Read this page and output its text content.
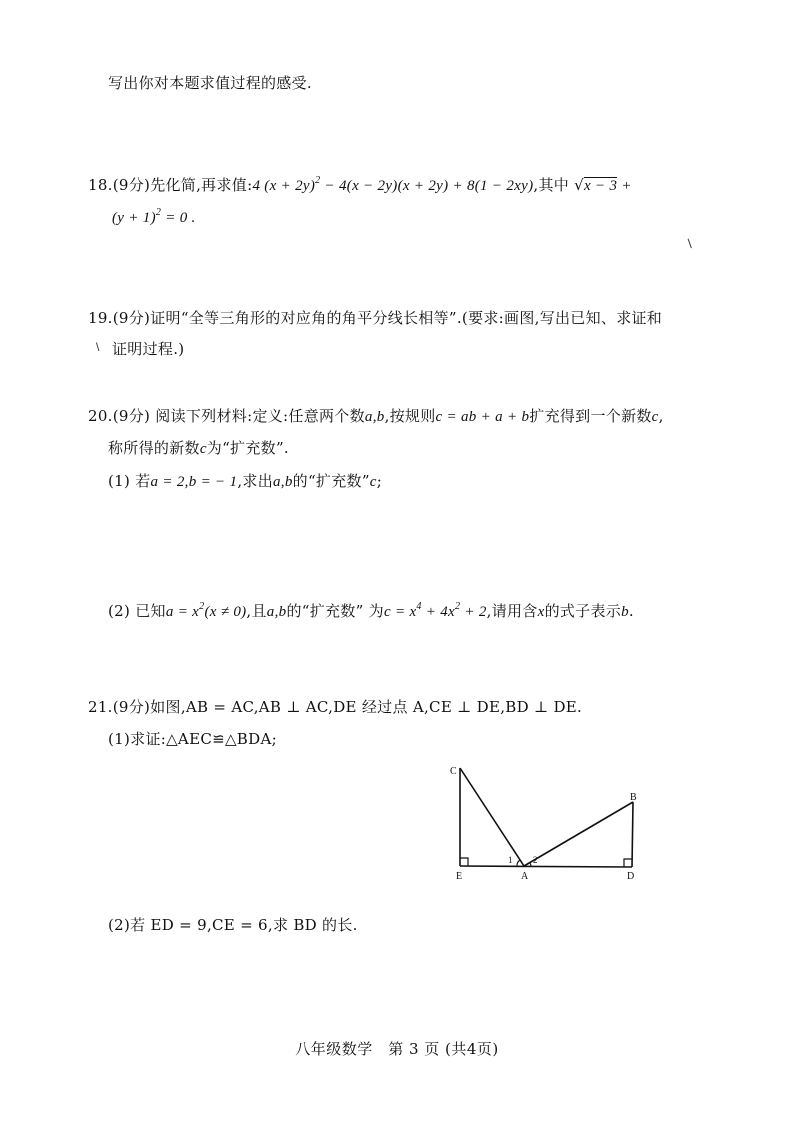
写出你对本题求值过程的感受.
18.(9分)先化简,再求值:4 $(x + 2y)^2 - 4(x - 2y)(x + 2y) + 8(1 - 2xy)$,其中 √x − 3 +
$(y + 1)^2 = 0$ .
/
19.(9分)证明“全等三角形的对应角的角平分线长相等”.(要求:画图,写出已知、求证和
\ 证明过程.)
20.(9分) 阅读下列材料:定义:任意两个数a,b,按规则c = ab + a + b扩充得到一个新数c,
称所得的新数c为“扩充数”.
(1) 若a = 2,b = − 1,求出a,b的“扩充数”c;
(2) 已知$a = x^2(x \ne 0)$,且a,b的“扩充数” 为$c = x^4 + 4x^2 + 2$,请用含x的式子表示b.
21.(9分)如图,AB = AC,AB ⊥ AC,DE 经过点 A,CE ⊥ DE,BD ⊥ DE.
(1)求证:△AEC≌△BDA;
C
B
E	A	D
1 2
(2)若 ED = 9,CE = 6,求 BD 的长.
八年级数学　第 3 页 (共4页)
